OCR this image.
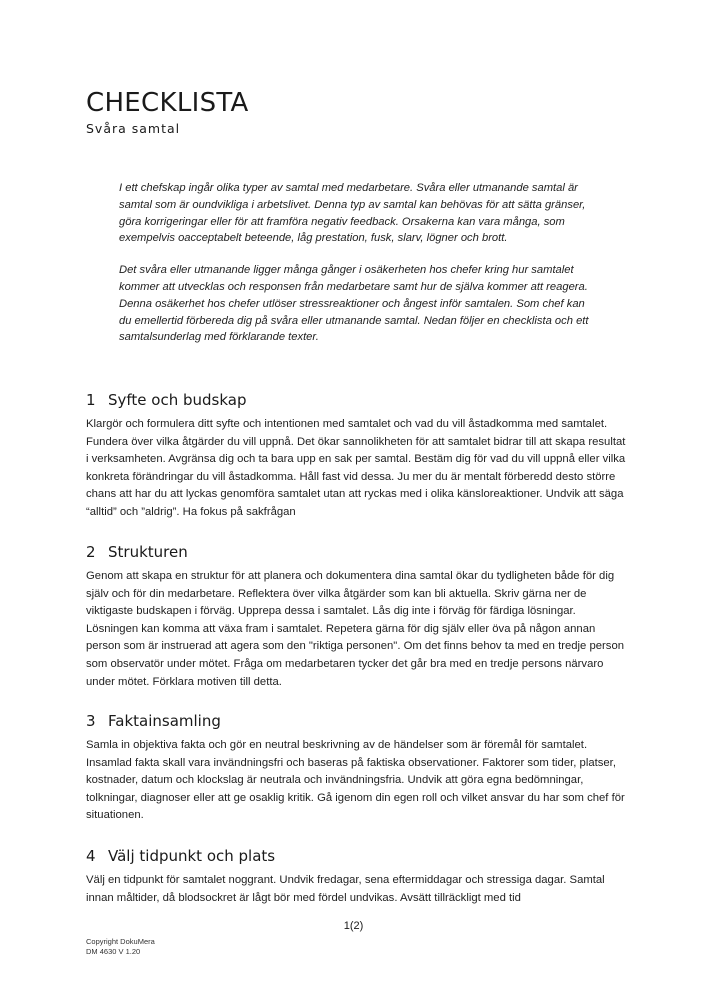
CHECKLISTA
Svåra samtal

I ett chefskap ingår olika typer av samtal med medarbetare. Svåra eller utmanande samtal är samtal som är oundvikliga i arbetslivet. Denna typ av samtal kan behövas för att sätta gränser, göra korrigeringar eller för att framföra negativ feedback. Orsakerna kan vara många, som exempelvis oacceptabelt beteende, låg prestation, fusk, slarv, lögner och brott.

Det svåra eller utmanande ligger många gånger i osäkerheten hos chefer kring hur samtalet kommer att utvecklas och responsen från medarbetare samt hur de själva kommer att reagera. Denna osäkerhet hos chefer utlöser stressreaktioner och ångest inför samtalen. Som chef kan du emellertid förbereda dig på svåra eller utmanande samtal. Nedan följer en checklista och ett samtalsunderlag med förklarande texter.

1 Syfte och budskap

Klargör och formulera ditt syfte och intentionen med samtalet och vad du vill åstadkomma med samtalet. Fundera över vilka åtgärder du vill uppnå. Det ökar sannolikheten för att samtalet bidrar till att skapa resultat i verksamheten. Avgränsa dig och ta bara upp en sak per samtal. Bestäm dig för vad du vill uppnå eller vilka konkreta förändringar du vill åstadkomma. Håll fast vid dessa. Ju mer du är mentalt förberedd desto större chans att har du att lyckas genomföra samtalet utan att ryckas med i olika känsloreaktioner. Undvik att säga “alltid” och ”aldrig”. Ha fokus på sakfrågan

2 Strukturen

Genom att skapa en struktur för att planera och dokumentera dina samtal ökar du tydligheten både för dig själv och för din medarbetare. Reflektera över vilka åtgärder som kan bli aktuella. Skriv gärna ner de viktigaste budskapen i förväg. Upprepa dessa i samtalet. Lås dig inte i förväg för färdiga lösningar. Lösningen kan komma att växa fram i samtalet. Repetera gärna för dig själv eller öva på någon annan person som är instruerad att agera som den "riktiga personen". Om det finns behov ta med en tredje person som observatör under mötet. Fråga om medarbetaren tycker det går bra med en tredje persons närvaro under mötet. Förklara motiven till detta.

3 Faktainsamling

Samla in objektiva fakta och gör en neutral beskrivning av de händelser som är föremål för samtalet. Insamlad fakta skall vara invändningsfri och baseras på faktiska observationer. Faktorer som tider, platser, kostnader, datum och klockslag är neutrala och invändningsfria. Undvik att göra egna bedömningar, tolkningar, diagnoser eller att ge osaklig kritik. Gå igenom din egen roll och vilket ansvar du har som chef för situationen.

4 Välj tidpunkt och plats

Välj en tidpunkt för samtalet noggrant. Undvik fredagar, sena eftermiddagar och stressiga dagar. Samtal innan måltider, då blodsockret är lågt bör med fördel undvikas. Avsätt tillräckligt med tid

1(2)
Copyright DokuMera
DM 4630 V 1.20
